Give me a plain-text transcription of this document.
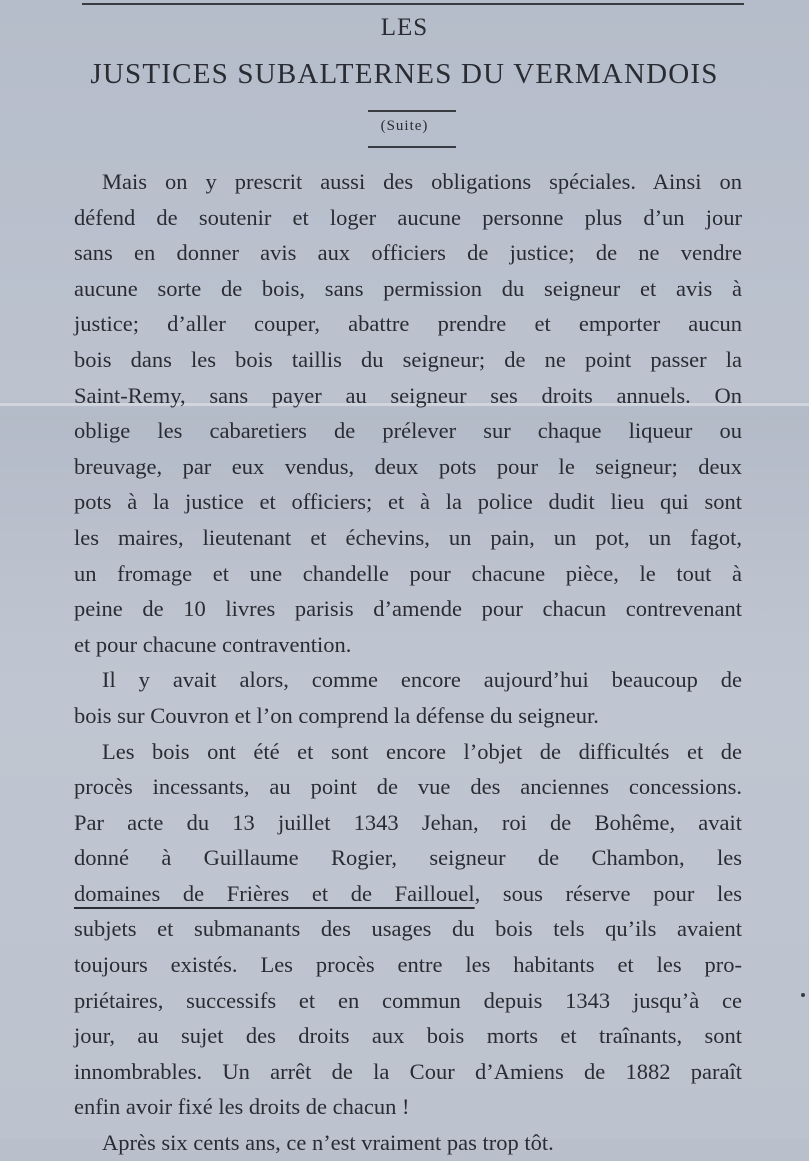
LES
JUSTICES SUBALTERNES DU VERMANDOIS
(Suite)
Mais on y prescrit aussi des obligations spéciales. Ainsi on
défend de soutenir et loger aucune personne plus d’un jour
sans en donner avis aux officiers de justice; de ne vendre
aucune sorte de bois, sans permission du seigneur et avis à
justice; d’aller couper, abattre prendre et emporter aucun
bois dans les bois taillis du seigneur; de ne point passer la
Saint-Remy, sans payer au seigneur ses droits annuels. On
oblige les cabaretiers de prélever sur chaque liqueur ou
breuvage, par eux vendus, deux pots pour le seigneur; deux
pots à la justice et officiers; et à la police dudit lieu qui sont
les maires, lieutenant et échevins, un pain, un pot, un fagot,
un fromage et une chandelle pour chacune pièce, le tout à
peine de 10 livres parisis d’amende pour chacun contrevenant
et pour chacune contravention.
Il y avait alors, comme encore aujourd’hui beaucoup de
bois sur Couvron et l’on comprend la défense du seigneur.
Les bois ont été et sont encore l’objet de difficultés et de
procès incessants, au point de vue des anciennes concessions.
Par acte du 13 juillet 1343 Jehan, roi de Bohême, avait
donné à Guillaume Rogier, seigneur de Chambon, les
domaines de Frières et de Faillouel, sous réserve pour les
subjets et submanants des usages du bois tels qu’ils avaient
toujours existés. Les procès entre les habitants et les pro-
priétaires, successifs et en commun depuis 1343 jusqu’à ce
jour, au sujet des droits aux bois morts et traînants, sont
innombrables. Un arrêt de la Cour d’Amiens de 1882 paraît
enfin avoir fixé les droits de chacun !
Après six cents ans, ce n’est vraiment pas trop tôt.
